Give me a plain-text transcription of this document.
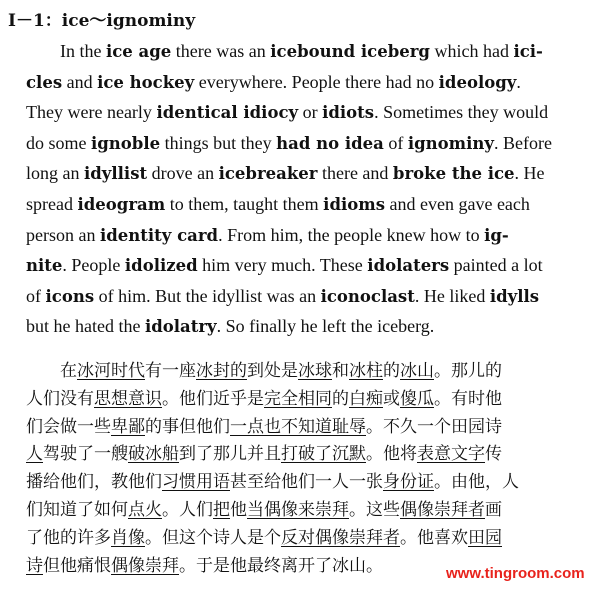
I－1：ice～ignominy
In the ice age there was an icebound iceberg which had ici-
cles and ice hockey everywhere. People there had no ideology.
They were nearly identical idiocy or idiots. Sometimes they would
do some ignoble things but they had no idea of ignominy. Before
long an idyllist drove an icebreaker there and broke the ice. He
spread ideogram to them, taught them idioms and even gave each
person an identity card. From him, the people knew how to ig-
nite. People idolized him very much. These idolaters painted a lot
of icons of him. But the idyllist was an iconoclast. He liked idylls
but he hated the idolatry. So finally he left the iceberg.
在冰河时代有一座冰封的到处是冰球和冰柱的冰山。那儿的
人们没有思想意识。他们近乎是完全相同的白痴或傻瓜。有时他
们会做一些卑鄙的事但他们一点也不知道耻辱。不久一个田园诗
人驾驶了一艘破冰船到了那儿并且打破了沉默。他将表意文字传
播给他们，教他们习惯用语甚至给他们一人一张身份证。由他，人
们知道了如何点火。人们把他当偶像来崇拜。这些偶像崇拜者画
了他的许多肖像。但这个诗人是个反对偶像崇拜者。他喜欢田园
诗但他痛恨偶像崇拜。于是他最终离开了冰山。	www.tingroom.com
